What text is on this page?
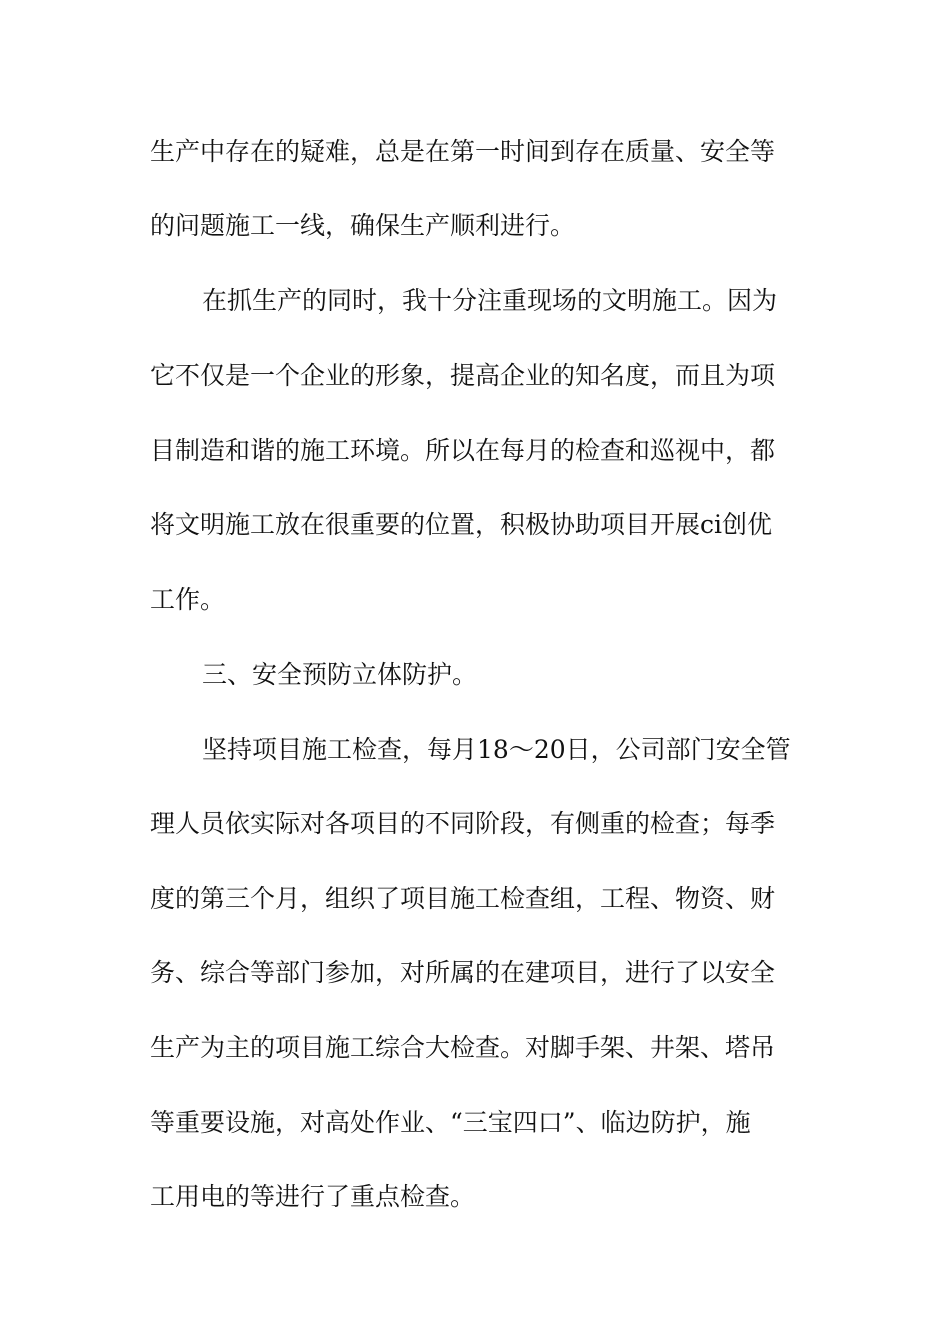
生产中存在的疑难，总是在第一时间到存在质量、安全等
的问题施工一线，确保生产顺利进行。
在抓生产的同时，我十分注重现场的文明施工。因为
它不仅是一个企业的形象，提高企业的知名度，而且为项
目制造和谐的施工环境。所以在每月的检查和巡视中，都
将文明施工放在很重要的位置，积极协助项目开展ci创优
工作。
三、安全预防立体防护。
坚持项目施工检查，每月18～20日，公司部门安全管
理人员依实际对各项目的不同阶段，有侧重的检查；每季
度的第三个月，组织了项目施工检查组，工程、物资、财
务、综合等部门参加，对所属的在建项目，进行了以安全
生产为主的项目施工综合大检查。对脚手架、井架、塔吊
等重要设施，对高处作业、“三宝四口”、临边防护，施
工用电的等进行了重点检查。
